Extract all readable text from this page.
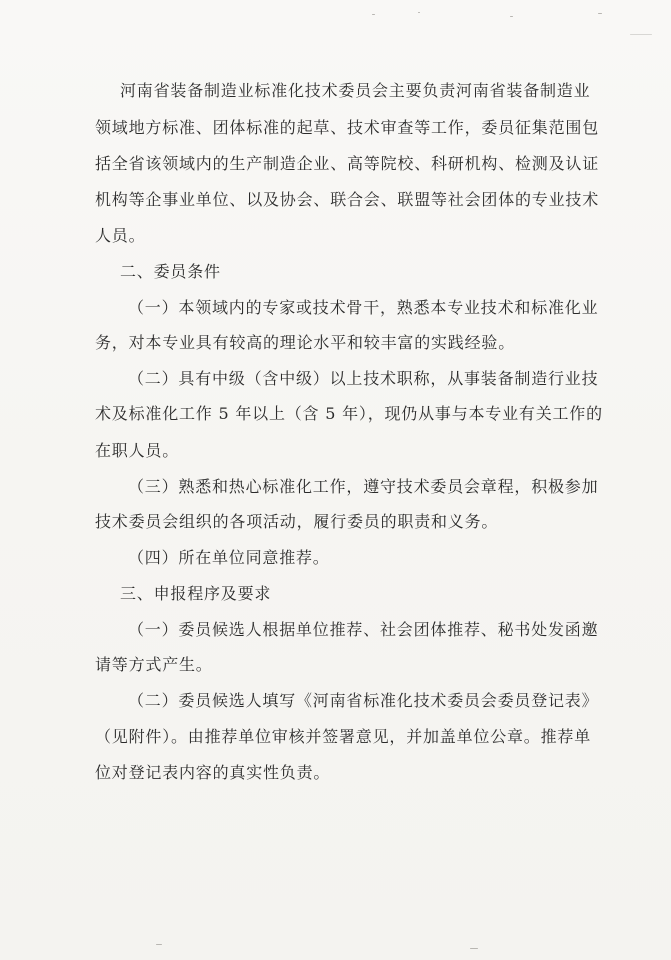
河南省装备制造业标准化技术委员会主要负责河南省装备制造业
领域地方标准、团体标准的起草、技术审查等工作，委员征集范围包
括全省该领域内的生产制造企业、高等院校、科研机构、检测及认证
机构等企事业单位、以及协会、联合会、联盟等社会团体的专业技术
人员。
二、委员条件
（一）本领域内的专家或技术骨干，熟悉本专业技术和标准化业
务，对本专业具有较高的理论水平和较丰富的实践经验。
（二）具有中级（含中级）以上技术职称，从事装备制造行业技
术及标准化工作 5 年以上（含 5 年），现仍从事与本专业有关工作的
在职人员。
（三）熟悉和热心标准化工作，遵守技术委员会章程，积极参加
技术委员会组织的各项活动，履行委员的职责和义务。
（四）所在单位同意推荐。
三、申报程序及要求
（一）委员候选人根据单位推荐、社会团体推荐、秘书处发函邀
请等方式产生。
（二）委员候选人填写《河南省标准化技术委员会委员登记表》
（见附件）。由推荐单位审核并签署意见，并加盖单位公章。推荐单
位对登记表内容的真实性负责。
